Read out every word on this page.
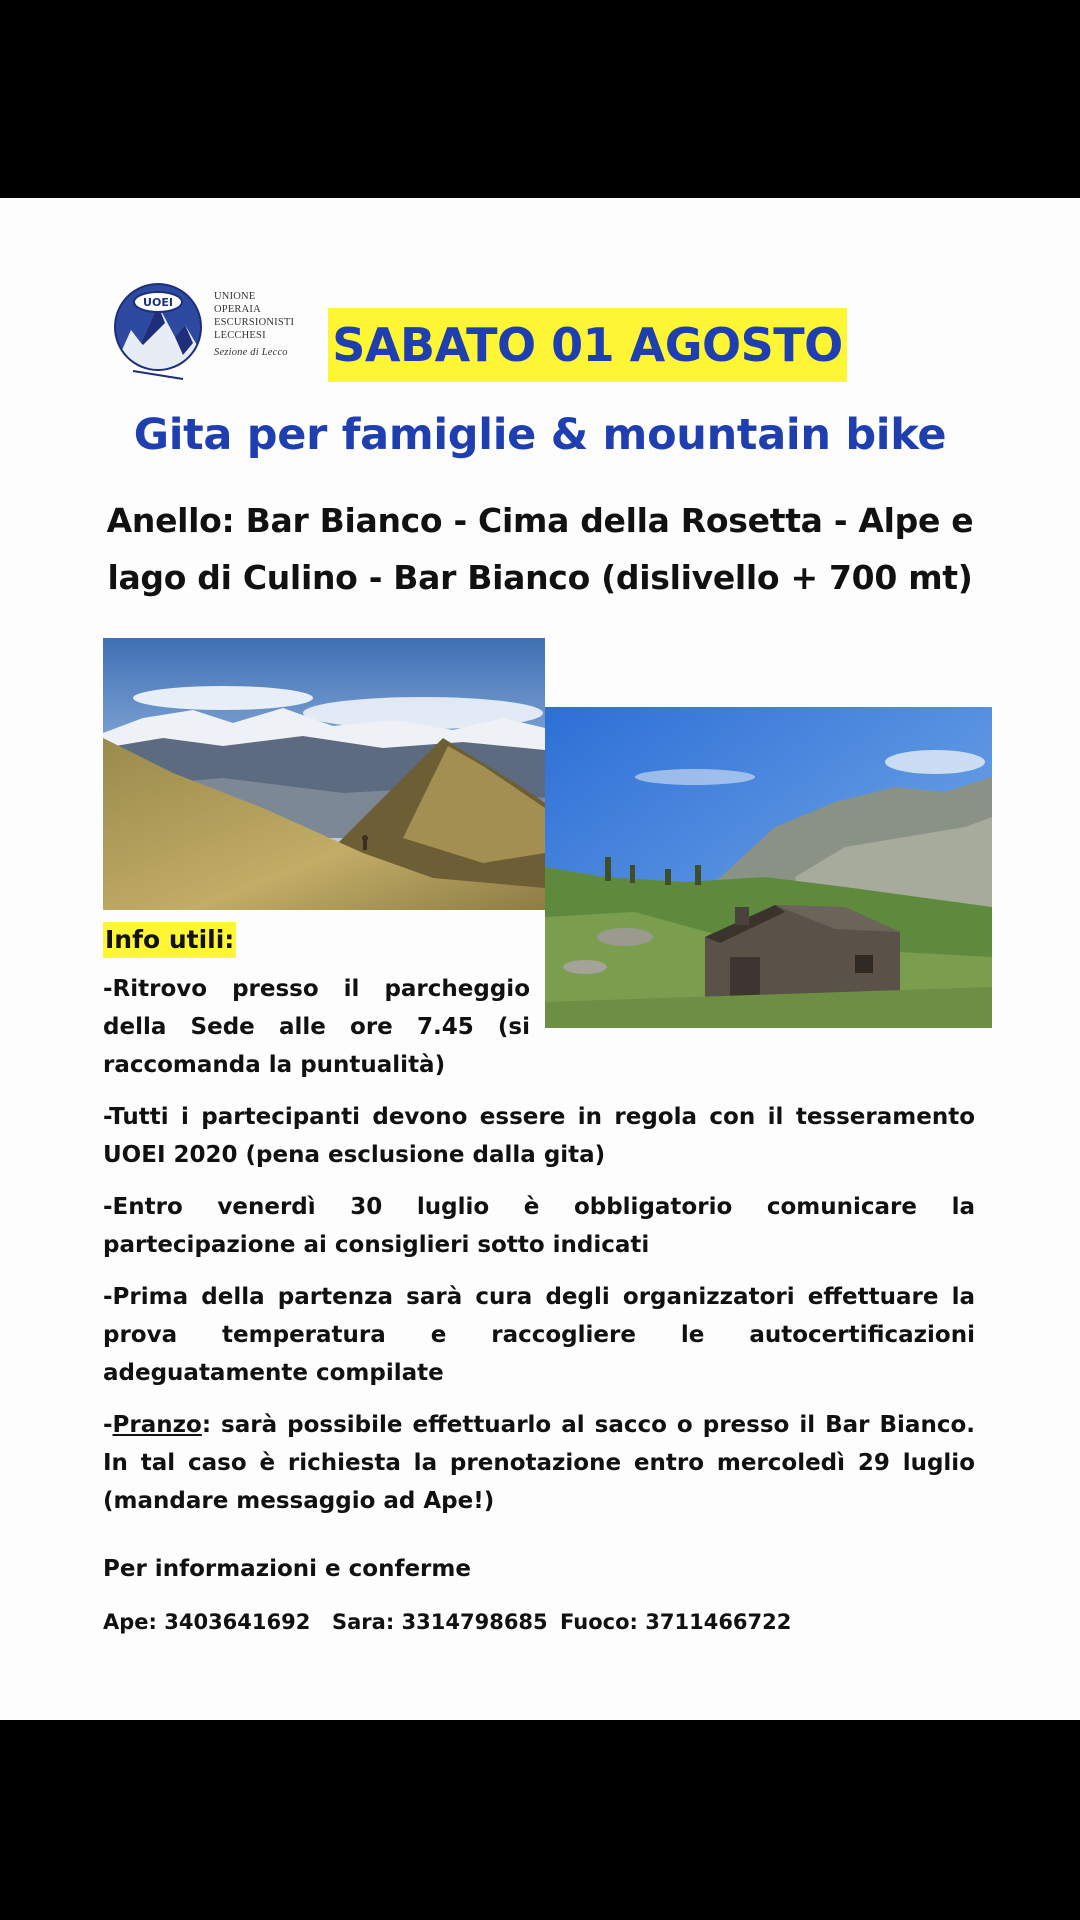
UOEI	UNIONE
OPERAIA
ESCURSIONISTI
LECCHESI
Sezione di Lecco SABATO 01 AGOSTO
Gita per famiglie & mountain bike
Anello: Bar Bianco - Cima della Rosetta - Alpe e
lago di Culino - Bar Bianco (dislivello + 700 mt)
Info utili:

-Ritrovo presso il parcheggio della Sede alle ore 7.45 (si raccomanda la puntualità)

-Tutti i partecipanti devono essere in regola con il tesseramento UOEI 2020 (pena esclusione dalla gita)

-Entro venerdì 30 luglio è obbligatorio comunicare la partecipazione ai consiglieri sotto indicati

-Prima della partenza sarà cura degli organizzatori effettuare la prova temperatura e raccogliere le autocertificazioni adeguatamente compilate

-Pranzo: sarà possibile effettuarlo al sacco o presso il Bar Bianco. In tal caso è richiesta la prenotazione entro mercoledì 29 luglio (mandare messaggio ad Ape!)

Per informazioni e conferme
Ape: 3403641692 Sara: 3314798685 Fuoco: 3711466722
